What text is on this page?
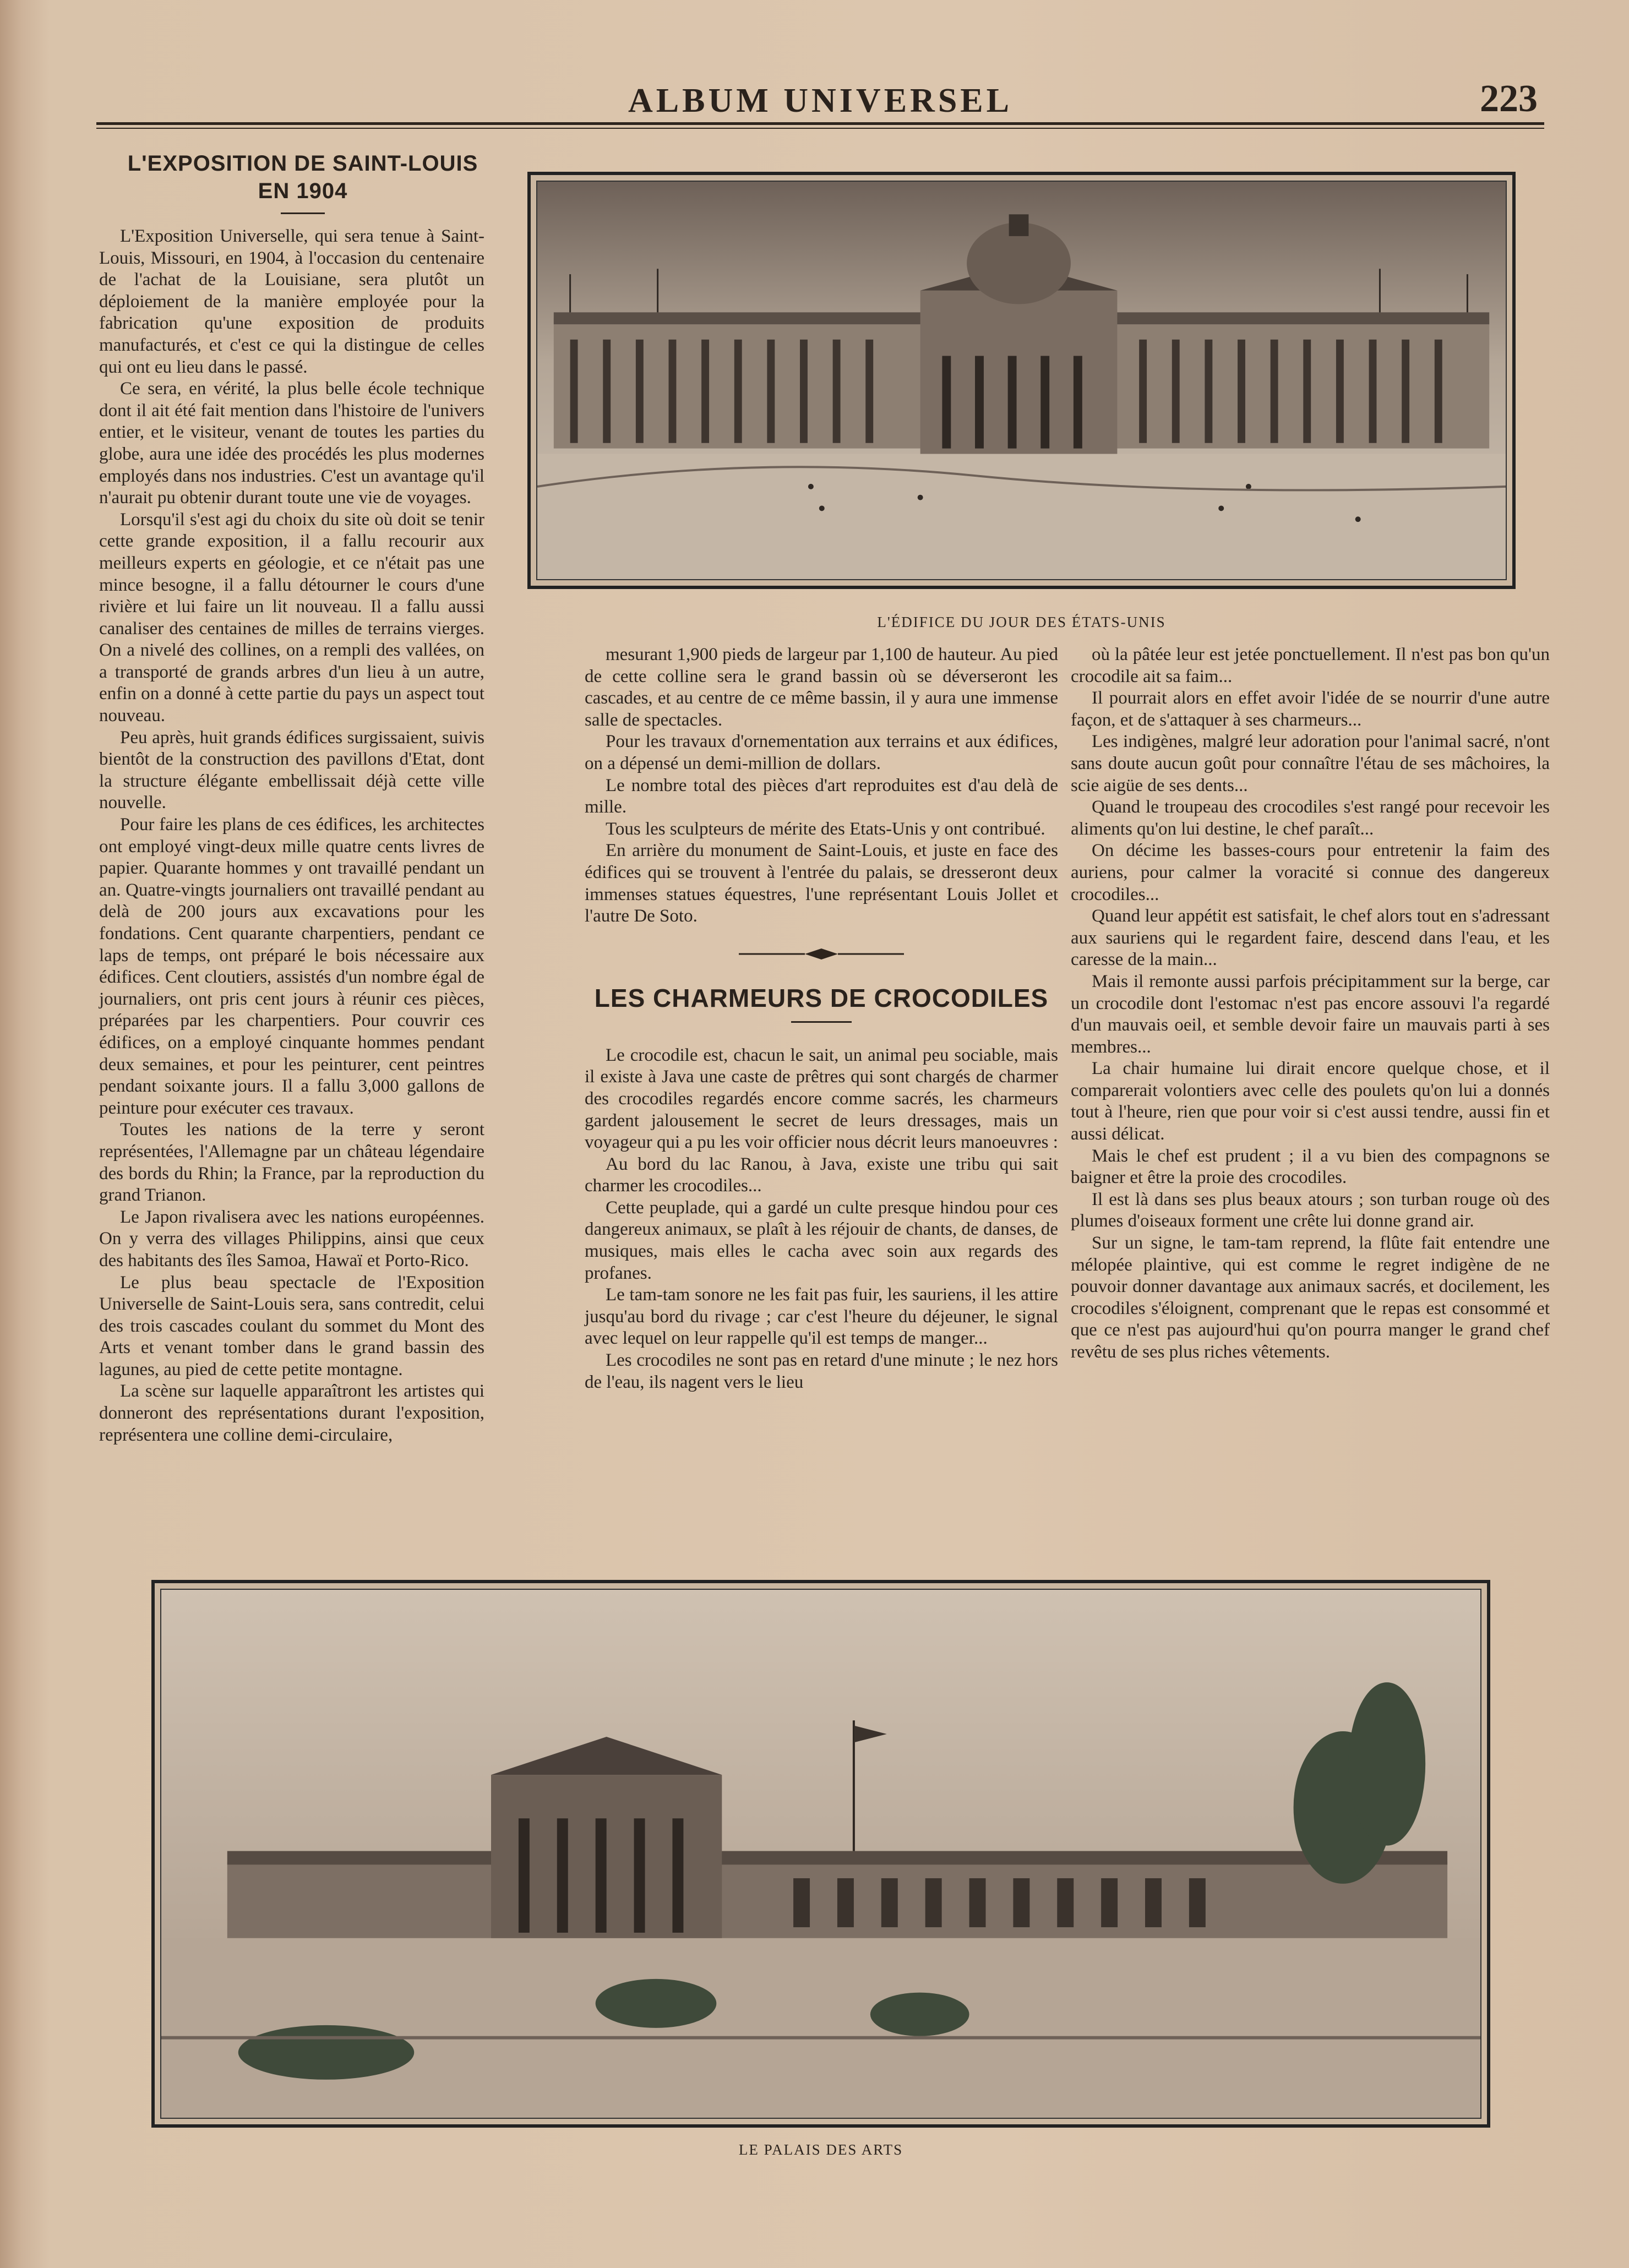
ALBUM UNIVERSEL	223
L'EXPOSITION DE SAINT-LOUIS
EN 1904

L'Exposition Universelle, qui sera tenue à Saint-Louis, Missouri, en 1904, à l'occasion du centenaire de l'achat de la Louisiane, sera plutôt un déploiement de la manière employée pour la fabrication qu'une exposition de produits manufacturés, et c'est ce qui la distingue de celles qui ont eu lieu dans le passé.

Ce sera, en vérité, la plus belle école technique dont il ait été fait mention dans l'histoire de l'univers entier, et le visiteur, venant de toutes les parties du globe, aura une idée des procédés les plus modernes employés dans nos industries. C'est un avantage qu'il n'aurait pu obtenir durant toute une vie de voyages.

Lorsqu'il s'est agi du choix du site où doit se tenir cette grande exposition, il a fallu recourir aux meilleurs experts en géologie, et ce n'était pas une mince besogne, il a fallu détourner le cours d'une rivière et lui faire un lit nouveau. Il a fallu aussi canaliser des centaines de milles de terrains vierges. On a nivelé des collines, on a rempli des vallées, on a transporté de grands arbres d'un lieu à un autre, enfin on a donné à cette partie du pays un aspect tout nouveau.

Peu après, huit grands édifices surgissaient, suivis bientôt de la construction des pavillons d'Etat, dont la structure élégante embellissait déjà cette ville nouvelle.

Pour faire les plans de ces édifices, les architectes ont employé vingt-deux mille quatre cents livres de papier. Quarante hommes y ont travaillé pendant un an. Quatre-vingts journaliers ont travaillé pendant au delà de 200 jours aux excavations pour les fondations. Cent quarante charpentiers, pendant ce laps de temps, ont préparé le bois nécessaire aux édifices. Cent cloutiers, assistés d'un nombre égal de journaliers, ont pris cent jours à réunir ces pièces, préparées par les charpentiers. Pour couvrir ces édifices, on a employé cinquante hommes pendant deux semaines, et pour les peinturer, cent peintres pendant soixante jours. Il a fallu 3,000 gallons de peinture pour exécuter ces travaux.

Toutes les nations de la terre y seront représentées, l'Allemagne par un château légendaire des bords du Rhin; la France, par la reproduction du grand Trianon.

Le Japon rivalisera avec les nations européennes. On y verra des villages Philippins, ainsi que ceux des habitants des îles Samoa, Hawaï et Porto-Rico.

Le plus beau spectacle de l'Exposition Universelle de Saint-Louis sera, sans contredit, celui des trois cascades coulant du sommet du Mont des Arts et venant tomber dans le grand bassin des lagunes, au pied de cette petite montagne.

La scène sur laquelle apparaîtront les artistes qui donneront des représentations durant l'exposition, représentera une colline demi-circulaire,

L'ÉDIFICE DU JOUR DES ÉTATS-UNIS

mesurant 1,900 pieds de largeur par 1,100 de hauteur. Au pied de cette colline sera le grand bassin où se déverseront les cascades, et au centre de ce même bassin, il y aura une immense salle de spectacles.

Pour les travaux d'ornementation aux terrains et aux édifices, on a dépensé un demi-million de dollars.

Le nombre total des pièces d'art reproduites est d'au delà de mille.

Tous les sculpteurs de mérite des Etats-Unis y ont contribué.

En arrière du monument de Saint-Louis, et juste en face des édifices qui se trouvent à l'entrée du palais, se dresseront deux immenses statues équestres, l'une représentant Louis Jollet et l'autre De Soto.

LES CHARMEURS DE CROCODILES

Le crocodile est, chacun le sait, un animal peu sociable, mais il existe à Java une caste de prêtres qui sont chargés de charmer des crocodiles regardés encore comme sacrés, les charmeurs gardent jalousement le secret de leurs dressages, mais un voyageur qui a pu les voir officier nous décrit leurs manoeuvres :

Au bord du lac Ranou, à Java, existe une tribu qui sait charmer les crocodiles...

Cette peuplade, qui a gardé un culte presque hindou pour ces dangereux animaux, se plaît à les réjouir de chants, de danses, de musiques, mais elles le cacha avec soin aux regards des profanes.

Le tam-tam sonore ne les fait pas fuir, les sauriens, il les attire jusqu'au bord du rivage ; car c'est l'heure du déjeuner, le signal avec lequel on leur rappelle qu'il est temps de manger...

Les crocodiles ne sont pas en retard d'une minute ; le nez hors de l'eau, ils nagent vers le lieu

où la pâtée leur est jetée ponctuellement. Il n'est pas bon qu'un crocodile ait sa faim...

Il pourrait alors en effet avoir l'idée de se nourrir d'une autre façon, et de s'attaquer à ses charmeurs...

Les indigènes, malgré leur adoration pour l'animal sacré, n'ont sans doute aucun goût pour connaître l'étau de ses mâchoires, la scie aigüe de ses dents...

Quand le troupeau des crocodiles s'est rangé pour recevoir les aliments qu'on lui destine, le chef paraît...

On décime les basses-cours pour entretenir la faim des auriens, pour calmer la voracité si connue des dangereux crocodiles...

Quand leur appétit est satisfait, le chef alors tout en s'adressant aux sauriens qui le regardent faire, descend dans l'eau, et les caresse de la main...

Mais il remonte aussi parfois précipitamment sur la berge, car un crocodile dont l'estomac n'est pas encore assouvi l'a regardé d'un mauvais oeil, et semble devoir faire un mauvais parti à ses membres...

La chair humaine lui dirait encore quelque chose, et il comparerait volontiers avec celle des poulets qu'on lui a donnés tout à l'heure, rien que pour voir si c'est aussi tendre, aussi fin et aussi délicat.

Mais le chef est prudent ; il a vu bien des compagnons se baigner et être la proie des crocodiles.

Il est là dans ses plus beaux atours ; son turban rouge où des plumes d'oiseaux forment une crête lui donne grand air.

Sur un signe, le tam-tam reprend, la flûte fait entendre une mélopée plaintive, qui est comme le regret indigène de ne pouvoir donner davantage aux animaux sacrés, et docilement, les crocodiles s'éloignent, comprenant que le repas est consommé et que ce n'est pas aujourd'hui qu'on pourra manger le grand chef revêtu de ses plus riches vêtements.

LE PALAIS DES ARTS
